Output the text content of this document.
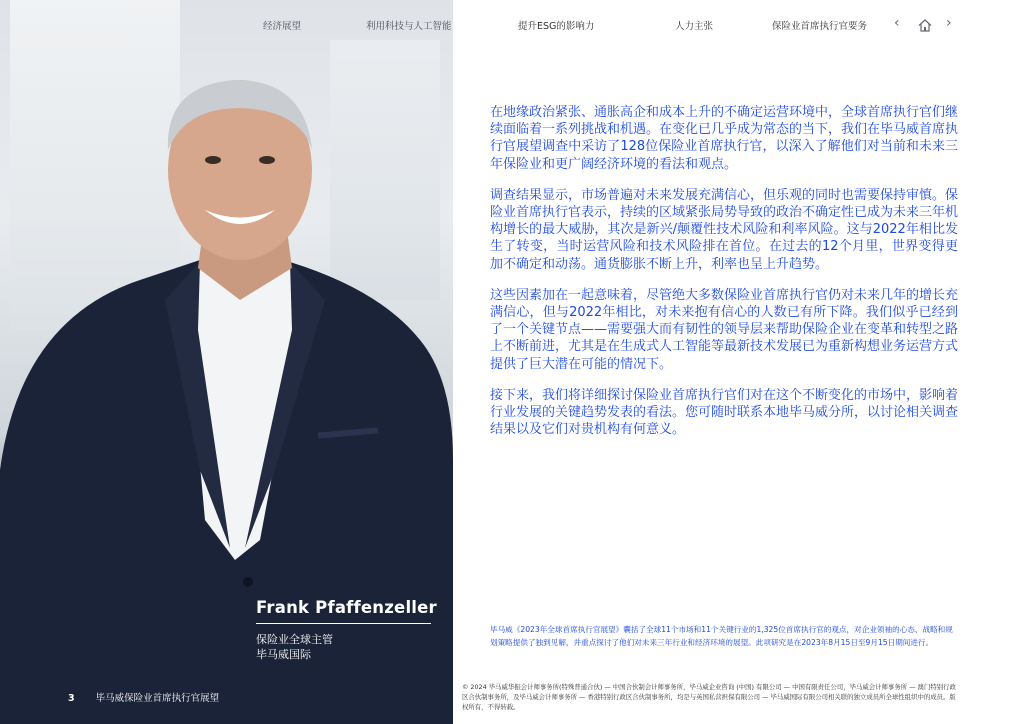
Frank Pfaffenzeller
保险业全球主管
毕马威国际
3 毕马威保险业首席执行官展望
经济展望	利用科技与人工智能	提升ESG的影响力	人力主张	保险业首席执行官要务 ‹	›

在地缘政治紧张、通胀高企和成本上升的不确定运营环境中，全球首席执行官们继续面临着一系列挑战和机遇。在变化已几乎成为常态的当下，我们在毕马威首席执行官展望调查中采访了128位保险业首席执行官，以深入了解他们对当前和未来三年保险业和更广阔经济环境的看法和观点。

调查结果显示，市场普遍对未来发展充满信心，但乐观的同时也需要保持审慎。保险业首席执行官表示，持续的区域紧张局势导致的政治不确定性已成为未来三年机构增长的最大威胁，其次是新兴/颠覆性技术风险和利率风险。这与2022年相比发生了转变，当时运营风险和技术风险排在首位。在过去的12个月里，世界变得更加不确定和动荡。通货膨胀不断上升，利率也呈上升趋势。

这些因素加在一起意味着，尽管绝大多数保险业首席执行官仍对未来几年的增长充满信心，但与2022年相比，对未来抱有信心的人数已有所下降。我们似乎已经到了一个关键节点——需要强大而有韧性的领导层来帮助保险企业在变革和转型之路上不断前进，尤其是在生成式人工智能等最新技术发展已为重新构想业务运营方式提供了巨大潜在可能的情况下。

接下来，我们将详细探讨保险业首席执行官们对在这个不断变化的市场中，影响着行业发展的关键趋势发表的看法。您可随时联系本地毕马威分所，以讨论相关调查结果以及它们对贵机构有何意义。

毕马威《2023年全球首席执行官展望》囊括了全球11个市场和11个关键行业的1,325位首席执行官的观点，对企业领袖的心态、战略和规划策略提供了独到见解，并重点探讨了他们对未来三年行业和经济环境的展望。此项研究是在2023年8月15日至9月15日期间进行。
© 2024 毕马威华振会计师事务所(特殊普通合伙) — 中国合伙制会计师事务所，毕马威企业咨询 (中国) 有限公司 — 中国有限责任公司，毕马威会计师事务所 — 澳门特别行政区合伙制事务所，及毕马威会计师事务所 — 香港特别行政区合伙制事务所，均是与英国私营担保有限公司 — 毕马威国际有限公司相关联的独立成员所全球性组织中的成员。版权所有，不得转载。
